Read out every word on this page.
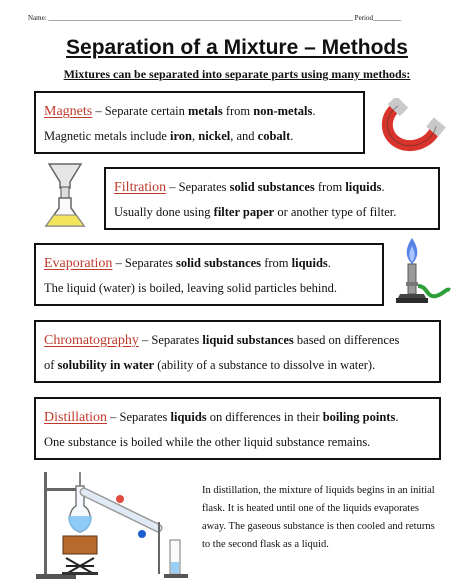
Name: _______________________________________________________________________________________ Period________
Separation of a Mixture – Methods
Mixtures can be separated into separate parts using many methods:
Magnets – Separate certain metals from non-metals.
Magnetic metals include iron, nickel, and cobalt.
Filtration – Separates solid substances from liquids.
Usually done using filter paper or another type of filter.
Evaporation – Separates solid substances from liquids.
The liquid (water) is boiled, leaving solid particles behind.
Chromatography – Separates liquid substances based on differences
of solubility in water (ability of a substance to dissolve in water).
Distillation – Separates liquids on differences in their boiling points.
One substance is boiled while the other liquid substance remains.
In distillation, the mixture of liquids begins in an initial flask. It is heated until one of the liquids evaporates away. The gaseous substance is then cooled and returns to the second flask as a liquid.
